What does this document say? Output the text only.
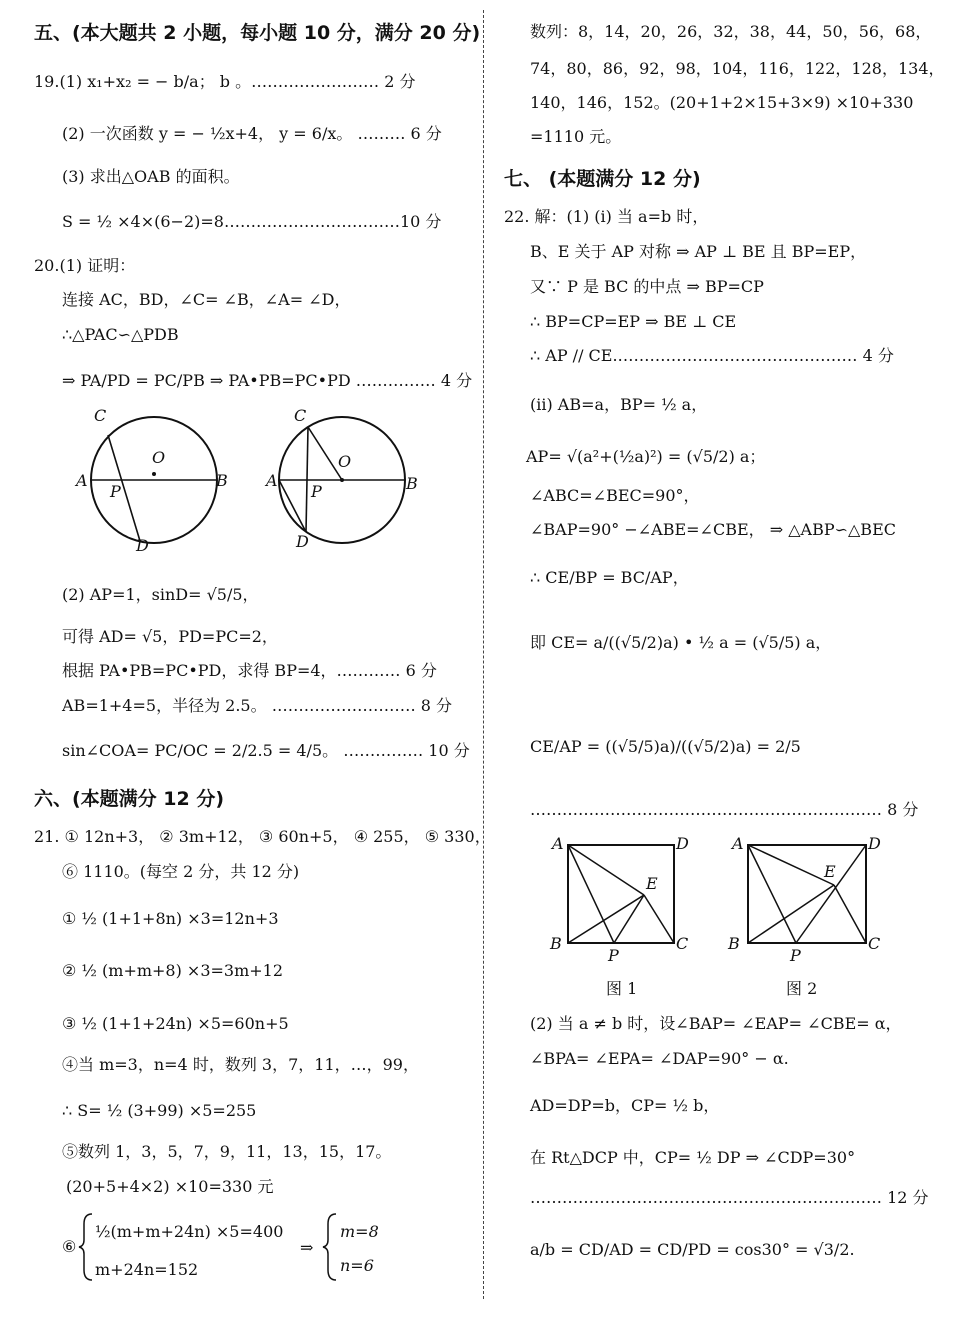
五、(本大题共 2 小题，每小题 10 分，满分 20 分)
19.(1) x₁+x₂ = − b/a； b 。…………………… 2 分
(2) 一次函数 y = − ½x+4， y = 6/x。 ……… 6 分
(3) 求出△OAB 的面积。
S = ½ ×4×(6−2)=8……………………………10 分
20.(1) 证明：
连接 AC，BD，∠C= ∠B，∠A= ∠D，
∴△PAC∽△PDB
⇒ PA/PD = PC/PB ⇒ PA•PB=PC•PD …………… 4 分
C
O
A	B
P
D
C
O
A	B
P
D
(2) AP=1，sinD= √5/5，
可得 AD= √5，PD=PC=2，
根据 PA•PB=PC•PD，求得 BP=4，………… 6 分
AB=1+4=5，半径为 2.5。 ……………………… 8 分
sin∠COA= PC/OC = 2/2.5 = 4/5。 …………… 10 分
六、(本题满分 12 分)
21. ① 12n+3， ② 3m+12， ③ 60n+5， ④ 255， ⑤ 330，
⑥ 1110。(每空 2 分，共 12 分)
① ½ (1+1+8n) ×3=12n+3
② ½ (m+m+8) ×3=3m+12
③ ½ (1+1+24n) ×5=60n+5
④当 m=3，n=4 时，数列 3，7，11，…，99，
∴ S= ½ (3+99) ×5=255
⑤数列 1，3，5，7，9，11，13，15，17。
(20+5+4×2) ×10=330 元
⑥
½(m+m+24n) ×5=400
m+24n=152
⇒
m=8
n=6
数列：8，14，20，26，32，38，44，50，56，68，
74，80，86，92，98，104，116，122，128，134，
140，146，152。(20+1+2×15+3×9) ×10+330
=1110 元。
七、 (本题满分 12 分)
22. 解：(1) (i) 当 a=b 时，
B、E 关于 AP 对称 ⇒ AP ⊥ BE 且 BP=EP，
又∵ P 是 BC 的中点 ⇒ BP=CP
∴ BP=CP=EP ⇒ BE ⊥ CE
∴ AP // CE.……………………………………… 4 分
(ii) AB=a，BP= ½ a，
AP= √(a²+(½a)²) = (√5/2) a；
∠ABC=∠BEC=90°，
∠BAP=90° −∠ABE=∠CBE， ⇒ △ABP∽△BEC
∴ CE/BP = BC/AP，
即 CE= a/((√5/2)a) • ½ a = (√5/5) a，
CE/AP = ((√5/5)a)/((√5/2)a) = 2/5
………………………………………………………… 8 分
A	D
E
B	C
P
A	D
E
B	C
P
图 1	图 2
(2) 当 a ≠ b 时，设∠BAP= ∠EAP= ∠CBE= α，
∠BPA= ∠EPA= ∠DAP=90° − α.
AD=DP=b，CP= ½ b，
在 Rt△DCP 中，CP= ½ DP ⇒ ∠CDP=30°
………………………………………………………… 12 分
a/b = CD/AD = CD/PD = cos30° = √3/2.
